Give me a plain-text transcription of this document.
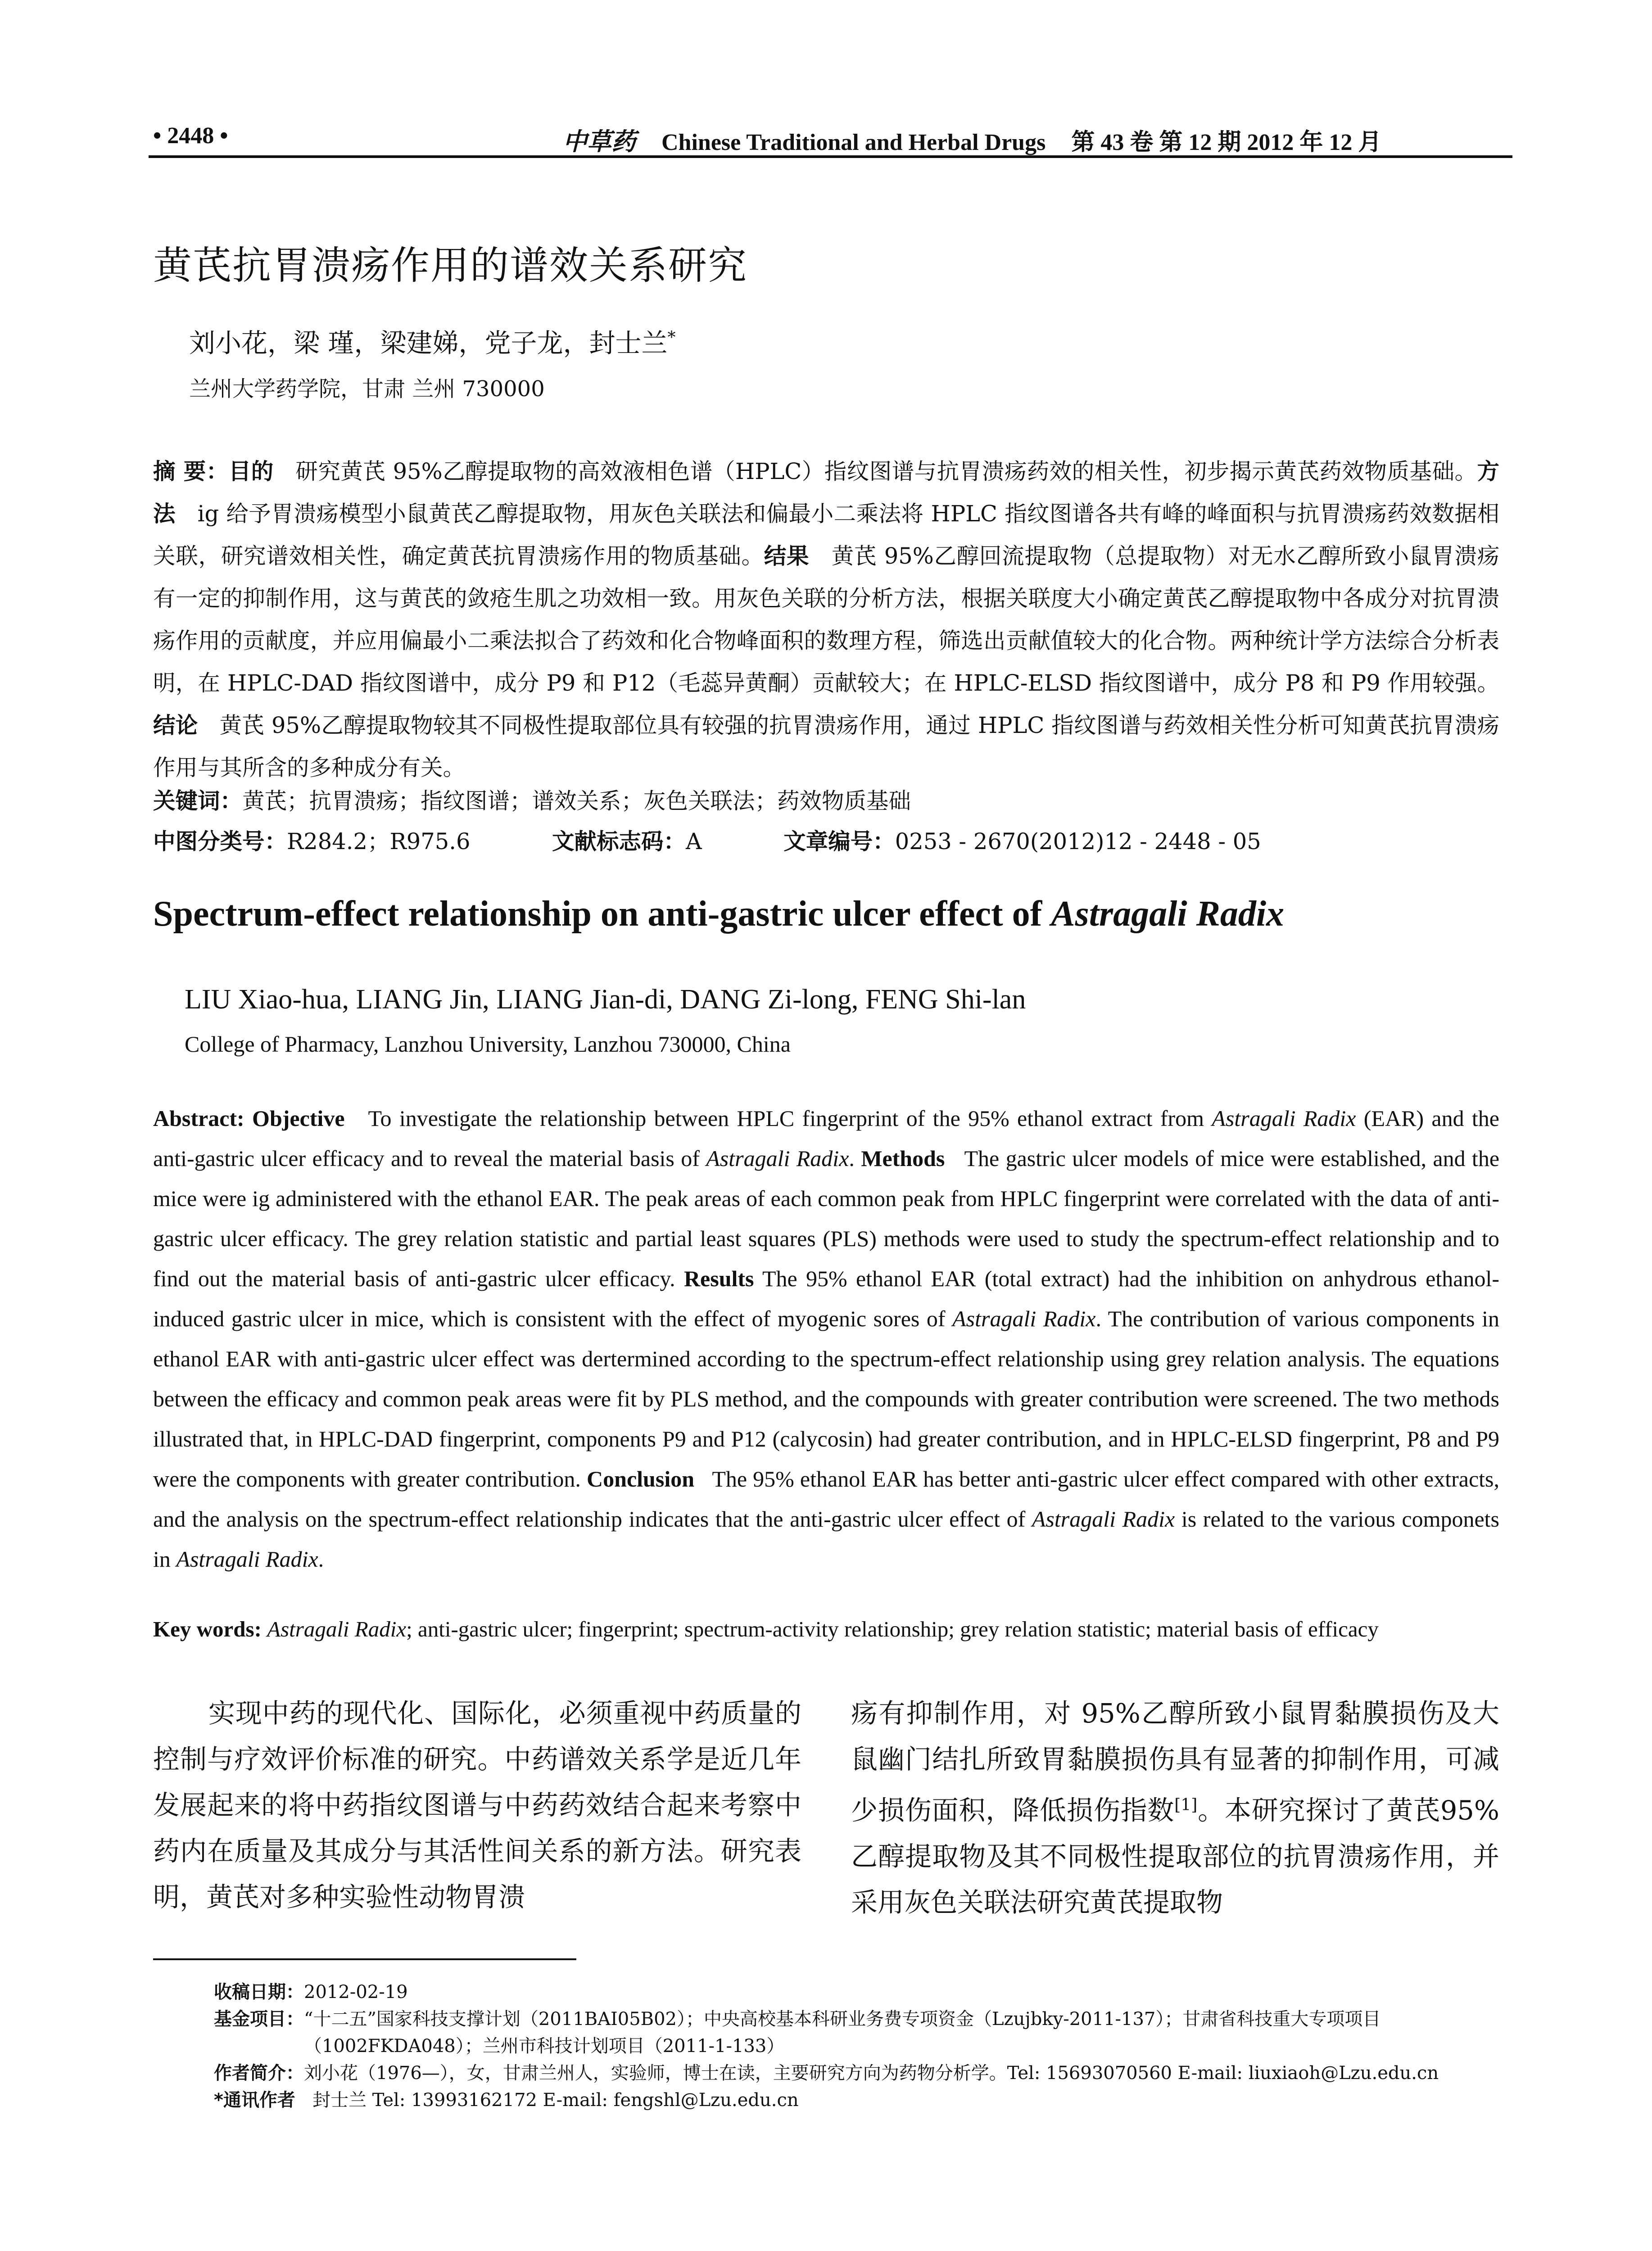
• 2448 •	中草药 Chinese Traditional and Herbal Drugs 第 43 卷 第 12 期 2012 年 12 月
黄芪抗胃溃疡作用的谱效关系研究
刘小花，梁 瑾，梁建娣，党子龙，封士兰*
兰州大学药学院，甘肃 兰州 730000
摘 要：目的 研究黄芪 95%乙醇提取物的高效液相色谱（HPLC）指纹图谱与抗胃溃疡药效的相关性，初步揭示黄芪药效物质基础。方法 ig 给予胃溃疡模型小鼠黄芪乙醇提取物，用灰色关联法和偏最小二乘法将 HPLC 指纹图谱各共有峰的峰面积与抗胃溃疡药效数据相关联，研究谱效相关性，确定黄芪抗胃溃疡作用的物质基础。结果 黄芪 95%乙醇回流提取物（总提取物）对无水乙醇所致小鼠胃溃疡有一定的抑制作用，这与黄芪的敛疮生肌之功效相一致。用灰色关联的分析方法，根据关联度大小确定黄芪乙醇提取物中各成分对抗胃溃疡作用的贡献度，并应用偏最小二乘法拟合了药效和化合物峰面积的数理方程，筛选出贡献值较大的化合物。两种统计学方法综合分析表明，在 HPLC-DAD 指纹图谱中，成分 P9 和 P12（毛蕊异黄酮）贡献较大；在 HPLC-ELSD 指纹图谱中，成分 P8 和 P9 作用较强。结论 黄芪 95%乙醇提取物较其不同极性提取部位具有较强的抗胃溃疡作用，通过 HPLC 指纹图谱与药效相关性分析可知黄芪抗胃溃疡作用与其所含的多种成分有关。
关键词：黄芪；抗胃溃疡；指纹图谱；谱效关系；灰色关联法；药效物质基础
中图分类号：R284.2；R975.6	文献标志码：A	文章编号：0253 - 2670(2012)12 - 2448 - 05
Spectrum-effect relationship on anti-gastric ulcer effect of Astragali Radix
LIU Xiao-hua, LIANG Jin, LIANG Jian-di, DANG Zi-long, FENG Shi-lan
College of Pharmacy, Lanzhou University, Lanzhou 730000, China
Abstract: Objective To investigate the relationship between HPLC fingerprint of the 95% ethanol extract from Astragali Radix (EAR) and the anti-gastric ulcer efficacy and to reveal the material basis of Astragali Radix. Methods The gastric ulcer models of mice were established, and the mice were ig administered with the ethanol EAR. The peak areas of each common peak from HPLC fingerprint were correlated with the data of anti-gastric ulcer efficacy. The grey relation statistic and partial least squares (PLS) methods were used to study the spectrum-effect relationship and to find out the material basis of anti-gastric ulcer efficacy. Results The 95% ethanol EAR (total extract) had the inhibition on anhydrous ethanol-induced gastric ulcer in mice, which is consistent with the effect of myogenic sores of Astragali Radix. The contribution of various components in ethanol EAR with anti-gastric ulcer effect was dertermined according to the spectrum-effect relationship using grey relation analysis. The equations between the efficacy and common peak areas were fit by PLS method, and the compounds with greater contribution were screened. The two methods illustrated that, in HPLC-DAD fingerprint, components P9 and P12 (calycosin) had greater contribution, and in HPLC-ELSD fingerprint, P8 and P9 were the components with greater contribution. Conclusion The 95% ethanol EAR has better anti-gastric ulcer effect compared with other extracts, and the analysis on the spectrum-effect relationship indicates that the anti-gastric ulcer effect of Astragali Radix is related to the various componets in Astragali Radix.
Key words: Astragali Radix; anti-gastric ulcer; fingerprint; spectrum-activity relationship; grey relation statistic; material basis of efficacy
实现中药的现代化、国际化，必须重视中药质量的控制与疗效评价标准的研究。中药谱效关系学是近几年发展起来的将中药指纹图谱与中药药效结合起来考察中药内在质量及其成分与其活性间关系的新方法。研究表明，黄芪对多种实验性动物胃溃
疡有抑制作用，对 95%乙醇所致小鼠胃黏膜损伤及大鼠幽门结扎所致胃黏膜损伤具有显著的抑制作用，可减少损伤面积，降低损伤指数[1]。本研究探讨了黄芪95%乙醇提取物及其不同极性提取部位的抗胃溃疡作用，并采用灰色关联法研究黄芪提取物
收稿日期：2012-02-19
基金项目：“十二五”国家科技支撑计划（2011BAI05B02）；中央高校基本科研业务费专项资金（Lzujbky-2011-137）；甘肃省科技重大专项项目（1002FKDA048）；兰州市科技计划项目（2011-1-133）
作者简介：刘小花（1976—），女，甘肃兰州人，实验师，博士在读，主要研究方向为药物分析学。Tel: 15693070560 E-mail: liuxiaoh@Lzu.edu.cn
*通讯作者 封士兰 Tel: 13993162172 E-mail: fengshl@Lzu.edu.cn
